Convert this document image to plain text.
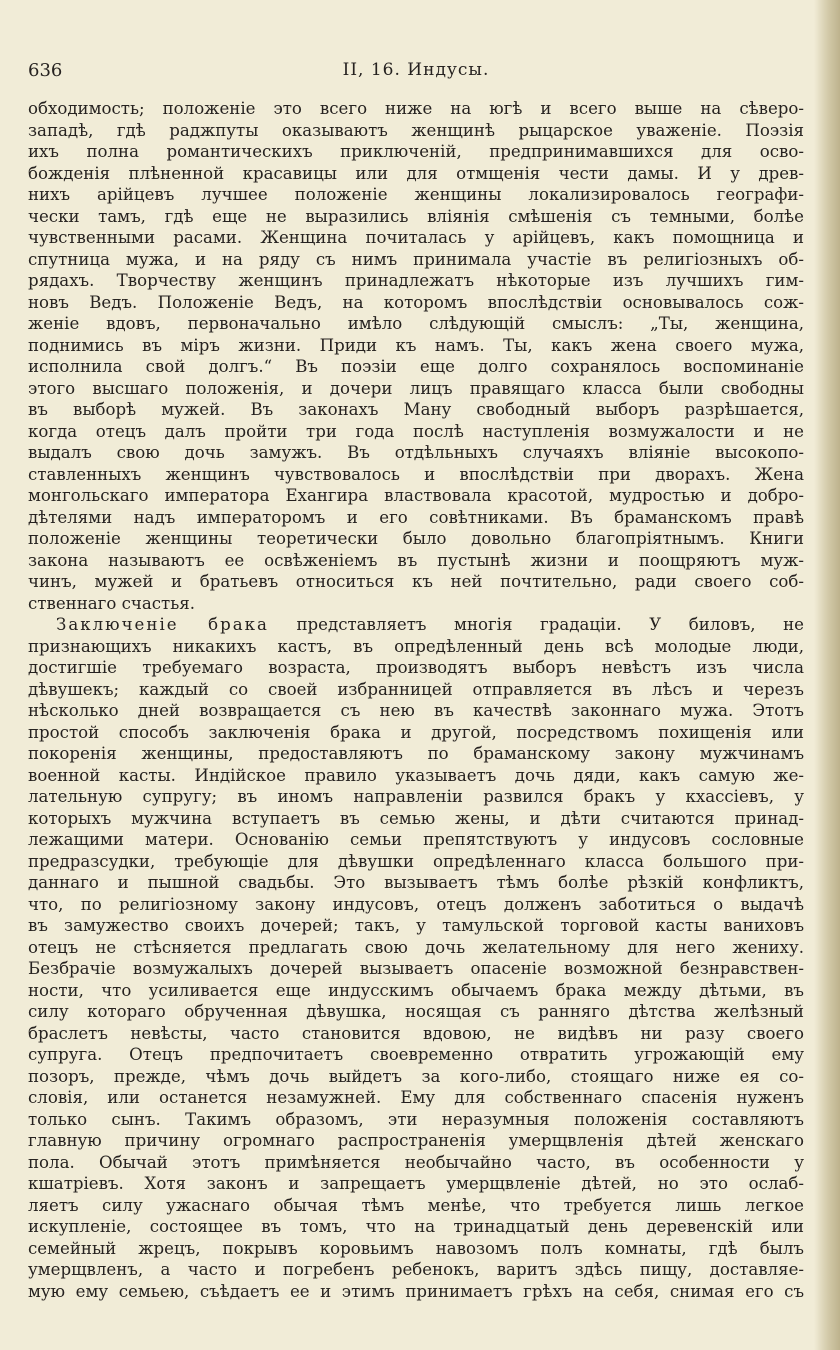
636	II, 16. Индусы.
обходимость; положенiе это всего ниже на югѣ и всего выше на сѣверо-
западѣ, гдѣ раджпуты оказываютъ женщинѣ рыцарское уваженiе. Поэзiя
ихъ полна романтическихъ приключенiй, предпринимавшихся для осво-
божденiя плѣненной красавицы или для отмщенiя чести дамы. И у древ-
нихъ арiйцевъ лучшее положенiе женщины локализировалось географи-
чески тамъ, гдѣ еще не выразились влiянiя смѣшенiя съ темными, болѣе
чувственными расами. Женщина почиталась у арiйцевъ, какъ помощница и
спутница мужа, и на ряду съ нимъ принимала участiе въ религiозныхъ об-
рядахъ. Творчеству женщинъ принадлежатъ нѣкоторые изъ лучшихъ гим-
новъ Ведъ. Положенiе Ведъ, на которомъ впослѣдствiи основывалось сож-
женiе вдовъ, первоначально имѣло слѣдующiй смыслъ: „Ты, женщина,
поднимись въ мiръ жизни. Приди къ намъ. Ты, какъ жена своего мужа,
исполнила свой долгъ.“ Въ поэзiи еще долго сохранялось воспоминанiе
этого высшаго положенiя, и дочери лицъ правящаго класса были свободны
въ выборѣ мужей. Въ законахъ Ману свободный выборъ разрѣшается,
когда отецъ далъ пройти три года послѣ наступленiя возмужалости и не
выдалъ свою дочь замужъ. Въ отдѣльныхъ случаяхъ влiянiе высокопо-
ставленныхъ женщинъ чувствовалось и впослѣдствiи при дворахъ. Жена
монгольскаго императора Ехангира властвовала красотой, мудростью и добро-
дѣтелями надъ императоромъ и его совѣтниками. Въ браманскомъ правѣ
положенiе женщины теоретически было довольно благопрiятнымъ. Книги
закона называютъ ее освѣженiемъ въ пустынѣ жизни и поощряютъ муж-
чинъ, мужей и братьевъ относиться къ ней почтительно, ради своего соб-
ственнаго счастья.
Заключенiе брака представляетъ многiя градацiи. У биловъ, не
признающихъ никакихъ кастъ, въ опредѣленный день всѣ молодые люди,
достигшiе требуемаго возраста, производятъ выборъ невѣстъ изъ числа
дѣвушекъ; каждый со своей избранницей отправляется въ лѣсъ и черезъ
нѣсколько дней возвращается съ нею въ качествѣ законнаго мужа. Этотъ
простой способъ заключенiя брака и другой, посредствомъ похищенiя или
покоренiя женщины, предоставляютъ по браманскому закону мужчинамъ
военной касты. Индiйское правило указываетъ дочь дяди, какъ самую же-
лательную супругу; въ иномъ направленiи развился бракъ у кхассiевъ, у
которыхъ мужчина вступаетъ въ семью жены, и дѣти считаются принад-
лежащими матери. Основанiю семьи препятствуютъ у индусовъ сословные
предразсудки, требующiе для дѣвушки опредѣленнаго класса большого при-
даннаго и пышной свадьбы. Это вызываетъ тѣмъ болѣе рѣзкiй конфликтъ,
что, по религiозному закону индусовъ, отецъ долженъ заботиться о выдачѣ
въ замужество своихъ дочерей; такъ, у тамульской торговой касты ваниховъ
отецъ не стѣсняется предлагать свою дочь желательному для него жениху.
Безбрачiе возмужалыхъ дочерей вызываетъ опасенiе возможной безнравствен-
ности, что усиливается еще индусскимъ обычаемъ брака между дѣтьми, въ
силу котораго обрученная дѣвушка, носящая съ ранняго дѣтства желѣзный
браслетъ невѣсты, часто становится вдовою, не видѣвъ ни разу своего
супруга. Отецъ предпочитаетъ своевременно отвратить угрожающiй ему
позоръ, прежде, чѣмъ дочь выйдетъ за кого-либо, стоящаго ниже ея со-
словiя, или останется незамужней. Ему для собственнаго спасенiя нуженъ
только сынъ. Такимъ образомъ, эти неразумныя положенiя составляютъ
главную причину огромнаго распространенiя умерщвленiя дѣтей женскаго
пола. Обычай этотъ примѣняется необычайно часто, въ особенности у
кшатрiевъ. Хотя законъ и запрещаетъ умерщвленiе дѣтей, но это ослаб-
ляетъ силу ужаснаго обычая тѣмъ менѣе, что требуется лишь легкое
искупленiе, состоящее въ томъ, что на тринадцатый день деревенскiй или
семейный жрецъ, покрывъ коровьимъ навозомъ полъ комнаты, гдѣ былъ
умерщвленъ, а часто и погребенъ ребенокъ, варитъ здѣсь пищу, доставляе-
мую ему семьею, съѣдаетъ ее и этимъ принимаетъ грѣхъ на себя, снимая его съ
